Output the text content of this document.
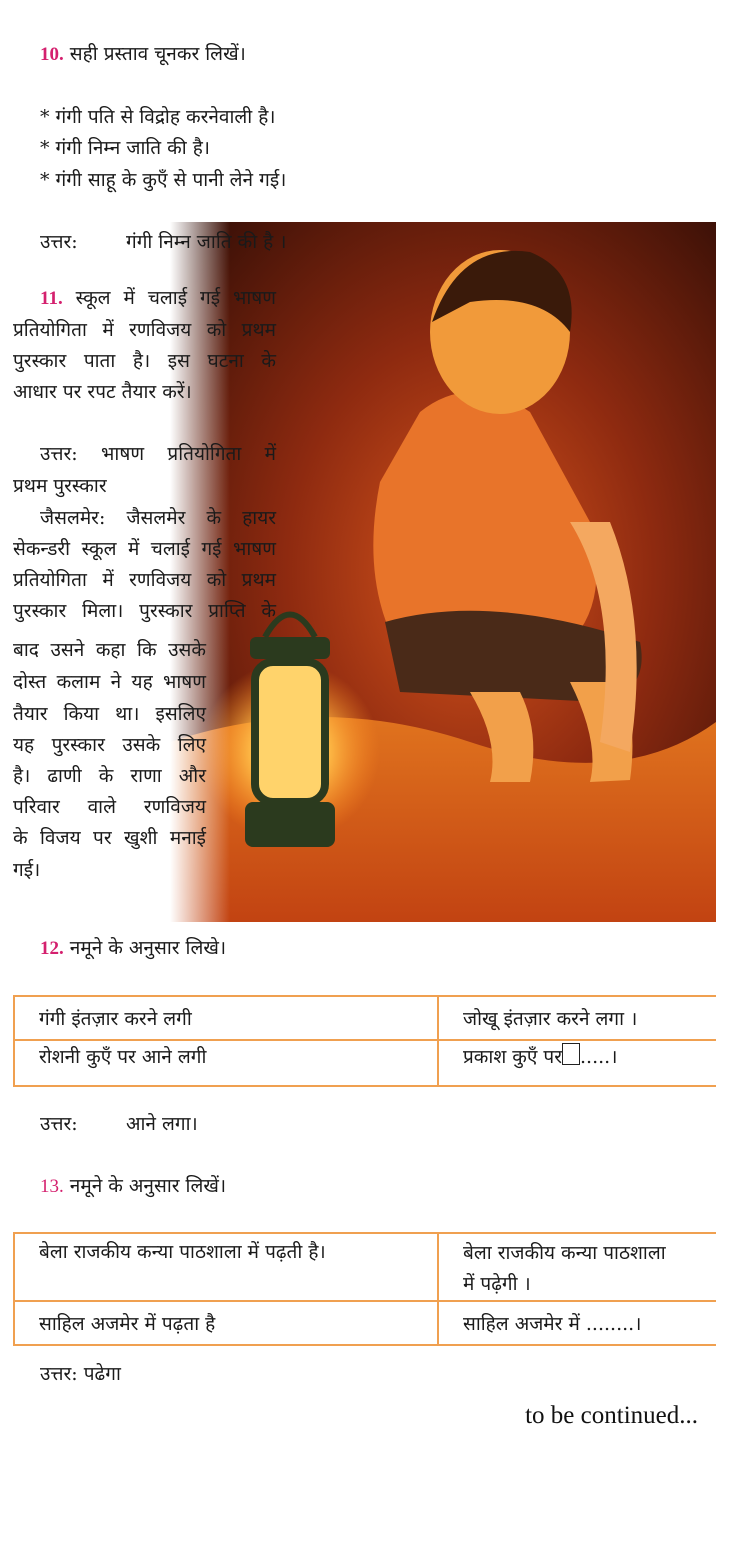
10. सही प्रस्ताव चूनकर लिखें।
* गंगी पति से विद्रोह करनेवाली है।
* गंगी निम्न जाति की है।
* गंगी साहू के कुएँ से पानी लेने गई।
उत्तर:	गंगी निम्न जाति की है ।
11. स्कूल में चलाई गई भाषण
प्रतियोगिता में रणविजय को प्रथम
पुरस्कार पाता है। इस घटना के
आधार पर रपट तैयार करें।
उत्तर: भाषण प्रतियोगिता में
प्रथम पुरस्कार
जैसलमेर: जैसलमेर के हायर
सेकन्डरी स्कूल में चलाई गई भाषण
प्रतियोगिता में रणविजय को प्रथम
पुरस्कार मिला। पुरस्कार प्राप्ति के
बाद उसने कहा कि उसके
दोस्त कलाम ने यह भाषण
तैयार किया था। इसलिए
यह पुरस्कार उसके लिए
है। ढाणी के राणा और
परिवार वाले रणविजय
के विजय पर खुशी मनाई
गई।
12. नमूने के अनुसार लिखे।
गंगी इंतज़ार करने लगी	जोखू इंतज़ार करने लगा ।
रोशनी कुएँ पर आने लगी	प्रकाश कुएँ पर .....।
उत्तर:	आने लगा।
13. नमूने के अनुसार लिखें।
बेला राजकीय कन्या पाठशाला में पढ़ती है।	बेला राजकीय कन्या पाठशाला
में पढ़ेगी ।

साहिल अजमेर में पढ़ता है	साहिल अजमेर में ........।
उत्तर: पढेगा
to be continued...
